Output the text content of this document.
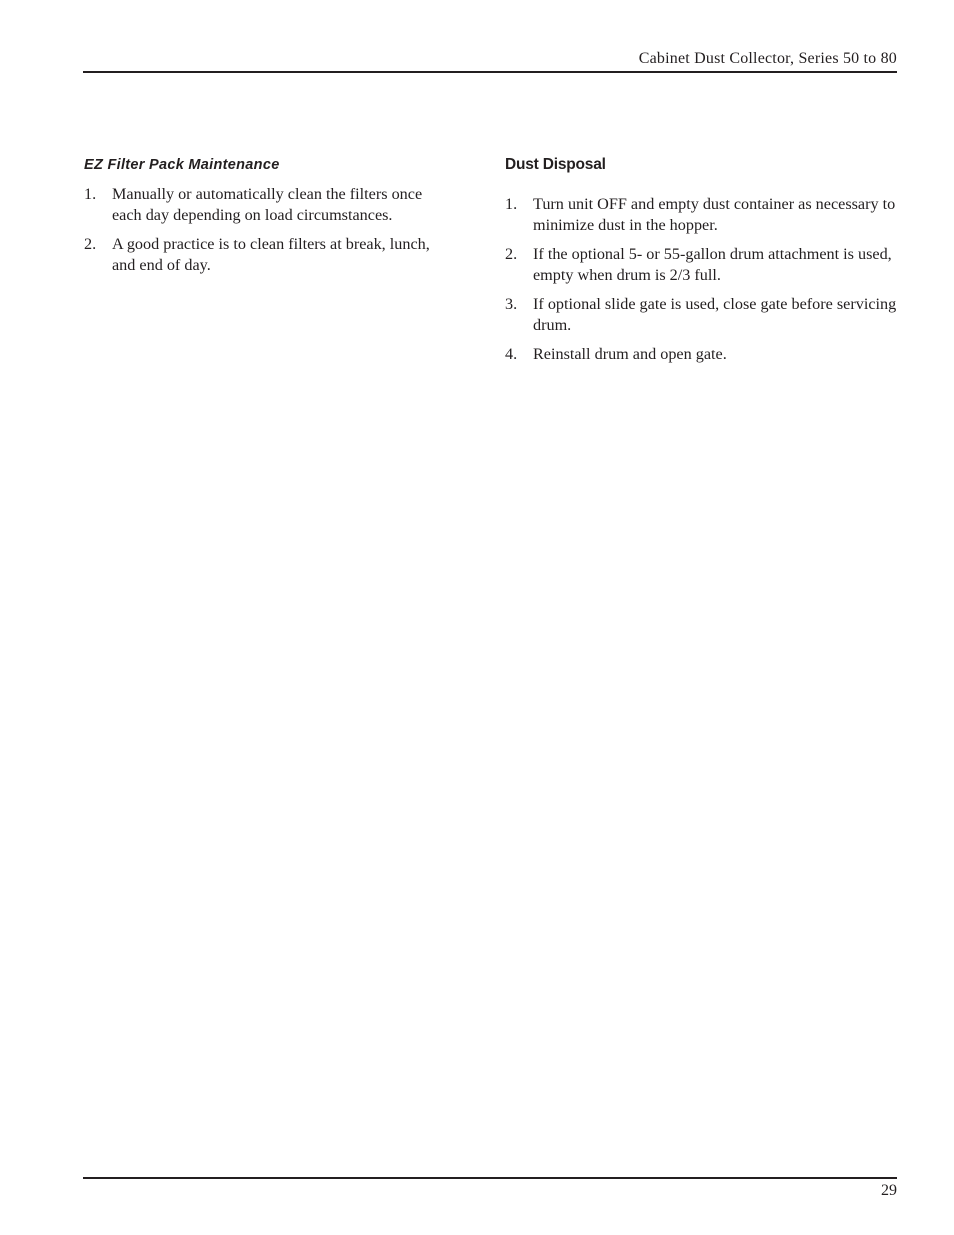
Cabinet Dust Collector, Series 50 to 80
EZ Filter Pack Maintenance
1. Manually or automatically clean the filters once each day depending on load circumstances.
2. A good practice is to clean filters at break, lunch, and end of day.
Dust Disposal
1. Turn unit OFF and empty dust container as necessary to minimize dust in the hopper.
2. If the optional 5- or 55-gallon drum attachment is used, empty when drum is 2/3 full.
3. If optional slide gate is used, close gate before servicing drum.
4. Reinstall drum and open gate.
29
